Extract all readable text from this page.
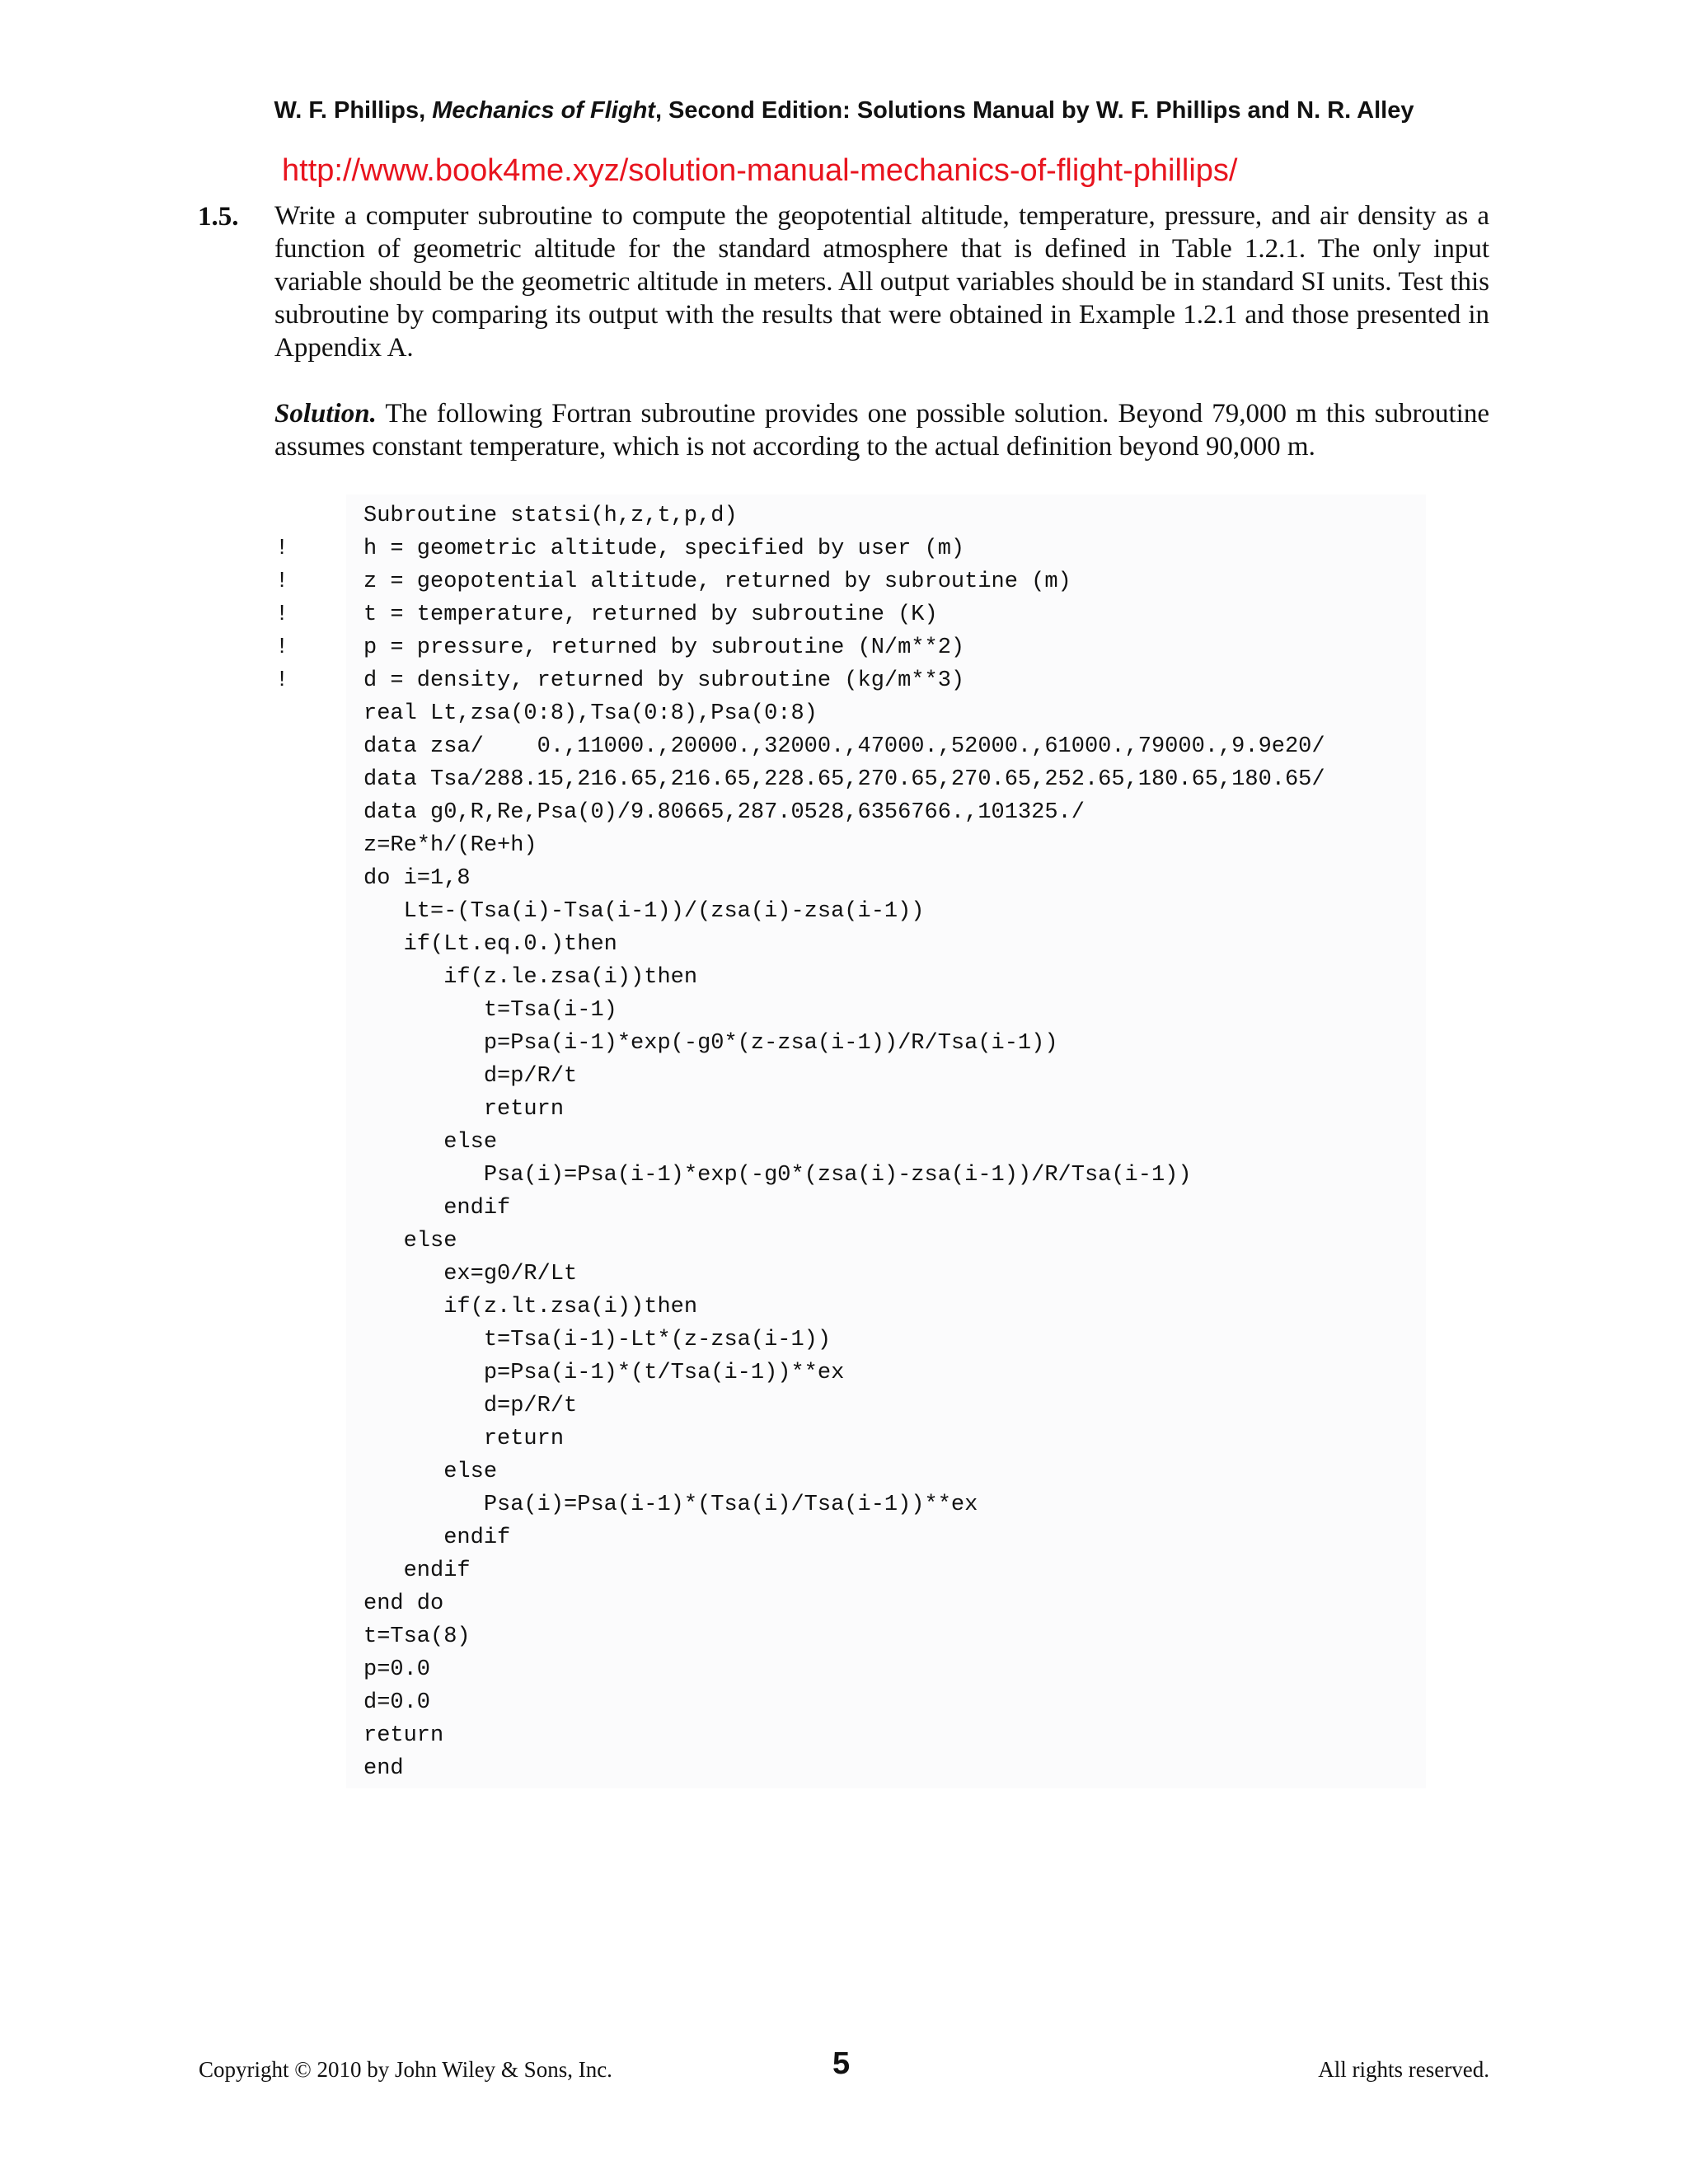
W. F. Phillips, Mechanics of Flight, Second Edition: Solutions Manual by W. F. Phillips and N. R. Alley
http://www.book4me.xyz/solution-manual-mechanics-of-flight-phillips/
1.5. Write a computer subroutine to compute the geopotential altitude, temperature, pressure, and air density as a function of geometric altitude for the standard atmosphere that is defined in Table 1.2.1. The only input variable should be the geometric altitude in meters. All output variables should be in standard SI units. Test this subroutine by comparing its output with the results that were obtained in Example 1.2.1 and those presented in Appendix A.

Solution. The following Fortran subroutine provides one possible solution. Beyond 79,000 m this subroutine assumes constant temperature, which is not according to the actual definition beyond 90,000 m.

!
!
!
!
!
Subroutine statsi(h,z,t,p,d)
h = geometric altitude, specified by user (m)
z = geopotential altitude, returned by subroutine (m)
t = temperature, returned by subroutine (K)
p = pressure, returned by subroutine (N/m**2)
d = density, returned by subroutine (kg/m**3)
real Lt,zsa(0:8),Tsa(0:8),Psa(0:8)
data zsa/    0.,11000.,20000.,32000.,47000.,52000.,61000.,79000.,9.9e20/
data Tsa/288.15,216.65,216.65,228.65,270.65,270.65,252.65,180.65,180.65/
data g0,R,Re,Psa(0)/9.80665,287.0528,6356766.,101325./
z=Re*h/(Re+h)
do i=1,8
Lt=-(Tsa(i)-Tsa(i-1))/(zsa(i)-zsa(i-1))
if(Lt.eq.0.)then
if(z.le.zsa(i))then
t=Tsa(i-1)
p=Psa(i-1)*exp(-g0*(z-zsa(i-1))/R/Tsa(i-1))
d=p/R/t
return
else
Psa(i)=Psa(i-1)*exp(-g0*(zsa(i)-zsa(i-1))/R/Tsa(i-1))
endif
else
ex=g0/R/Lt
if(z.lt.zsa(i))then
t=Tsa(i-1)-Lt*(z-zsa(i-1))
p=Psa(i-1)*(t/Tsa(i-1))**ex
d=p/R/t
return
else
Psa(i)=Psa(i-1)*(Tsa(i)/Tsa(i-1))**ex
endif
endif
end do
t=Tsa(8)
p=0.0
d=0.0
return
end
Copyright © 2010 by John Wiley & Sons, Inc.	5	All rights reserved.
